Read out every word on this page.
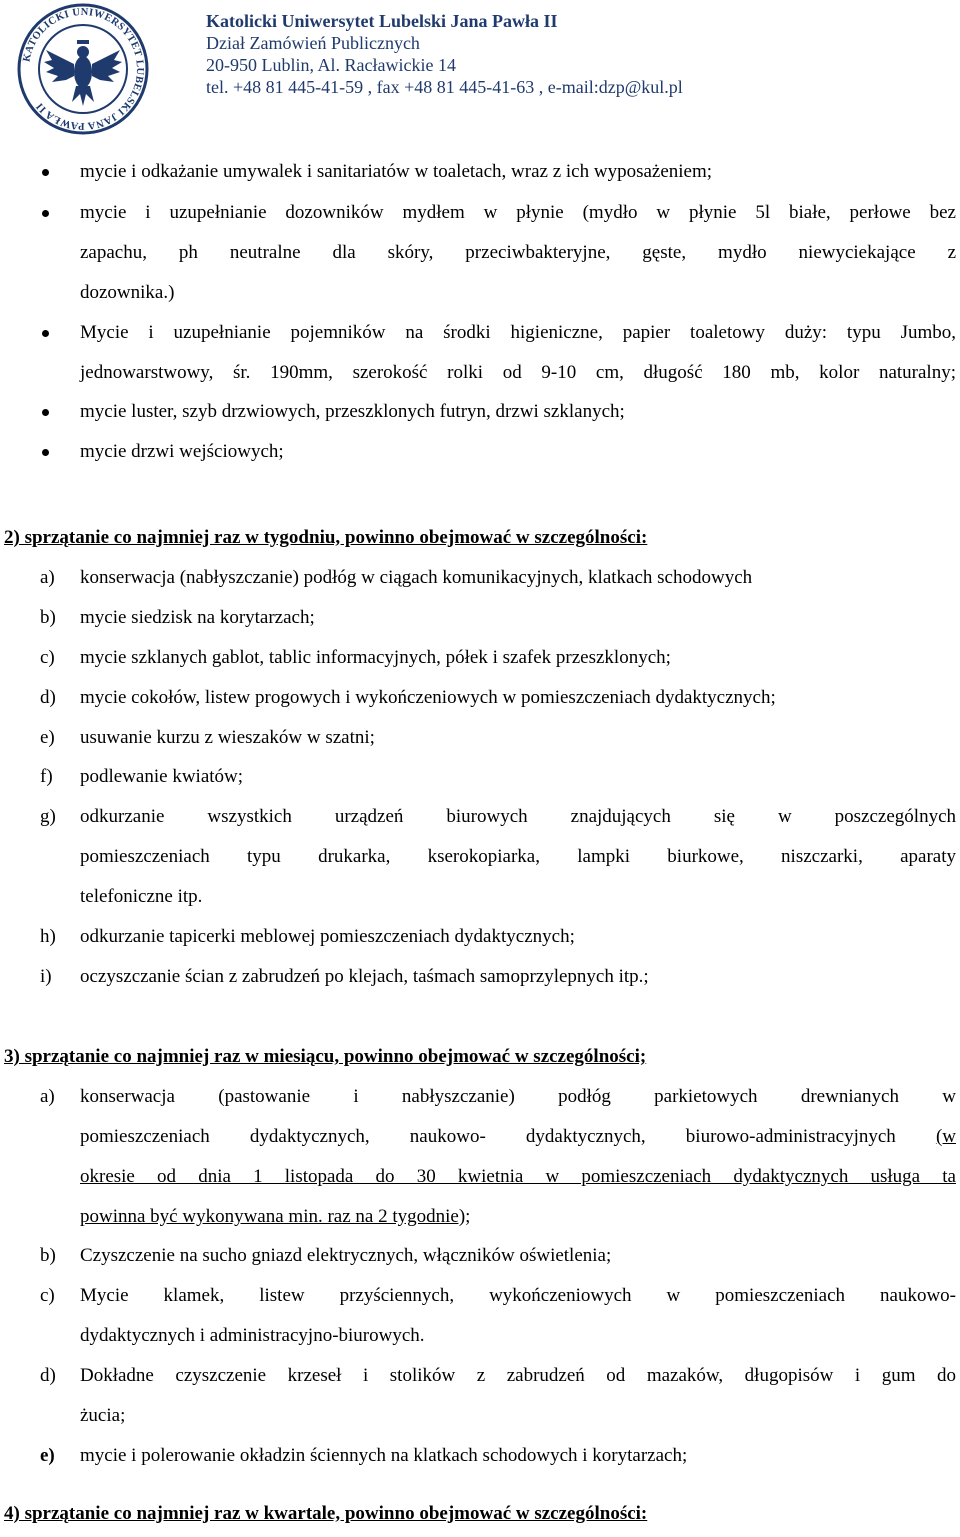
KATOLICKI UNIWERSYTET LUBELSKI JANA PAWŁA II
Katolicki Uniwersytet Lubelski Jana Pawła II
Dział Zamówień Publicznych
20-950 Lublin, Al. Racławickie 14
tel. +48 81 445-41-59 , fax +48 81 445-41-63 , e-mail:dzp@kul.pl
mycie i odkażanie umywalek i sanitariatów w toaletach, wraz z ich wyposażeniem;
mycie i uzupełnianie dozowników mydłem w płynie (mydło w płynie 5l białe, perłowe bez
zapachu, ph neutralne dla skóry, przeciwbakteryjne, gęste, mydło niewyciekające z
dozownika.)
Mycie i uzupełnianie pojemników na środki higieniczne, papier toaletowy duży: typu Jumbo,
jednowarstwowy, śr. 190mm, szerokość rolki od 9-10 cm, długość 180 mb, kolor naturalny;
mycie luster, szyb drzwiowych, przeszklonych futryn, drzwi szklanych;
mycie drzwi wejściowych;
2) sprzątanie co najmniej raz w tygodniu, powinno obejmować w szczególności:
a) konserwacja (nabłyszczanie) podłóg w ciągach komunikacyjnych, klatkach schodowych
b) mycie siedzisk na korytarzach;
c) mycie szklanych gablot, tablic informacyjnych, półek i szafek przeszklonych;
d) mycie cokołów, listew progowych i wykończeniowych w pomieszczeniach dydaktycznych;
e) usuwanie kurzu z wieszaków w szatni;
f) podlewanie kwiatów;
g) odkurzanie wszystkich urządzeń biurowych znajdujących się w poszczególnych
pomieszczeniach typu drukarka, kserokopiarka, lampki biurkowe, niszczarki, aparaty
telefoniczne itp.
h) odkurzanie tapicerki meblowej pomieszczeniach dydaktycznych;
i) oczyszczanie ścian z zabrudzeń po klejach, taśmach samoprzylepnych itp.;
3) sprzątanie co najmniej raz w miesiącu, powinno obejmować w szczególności;
a) konserwacja (pastowanie i nabłyszczanie) podłóg parkietowych drewnianych w
pomieszczeniach dydaktycznych, naukowo- dydaktycznych, biurowo-administracyjnych (w
okresie od dnia 1 listopada do 30 kwietnia w pomieszczeniach dydaktycznych usługa ta
powinna być wykonywana min. raz na 2 tygodnie);
b) Czyszczenie na sucho gniazd elektrycznych, włączników oświetlenia;
c) Mycie klamek, listew przyściennych, wykończeniowych w pomieszczeniach naukowo-
dydaktycznych i administracyjno-biurowych.
d) Dokładne czyszczenie krzeseł i stolików z zabrudzeń od mazaków, długopisów i gum do
żucia;
e) mycie i polerowanie okładzin ściennych na klatkach schodowych i korytarzach;
4) sprzątanie co najmniej raz w kwartale, powinno obejmować w szczególności:
